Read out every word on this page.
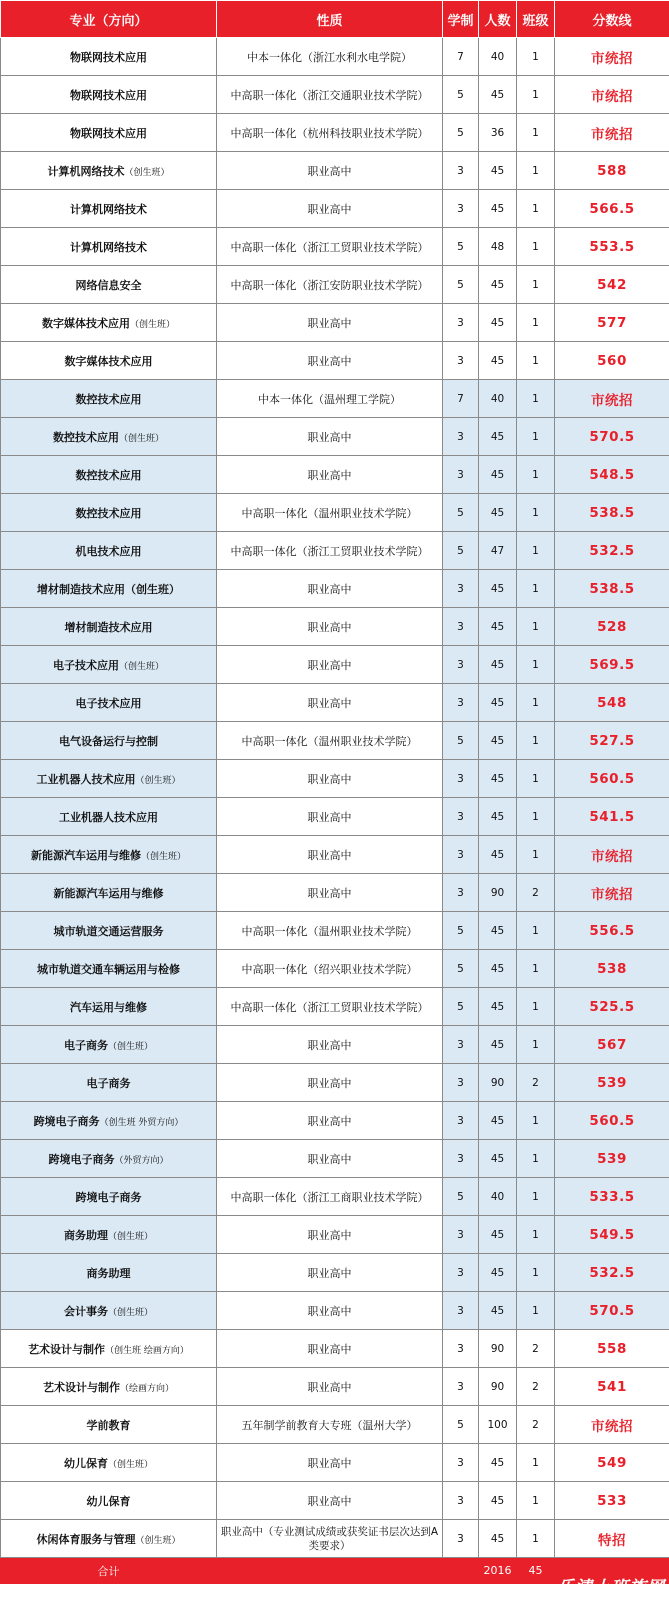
专业（方向）	性质	学制	人数	班级	分数线
物联网技术应用	中本一体化（浙江水利水电学院）	7	40	1	市统招
物联网技术应用	中高职一体化（浙江交通职业技术学院）	5	45	1	市统招
物联网技术应用	中高职一体化（杭州科技职业技术学院）	5	36	1	市统招
计算机网络技术（创生班）	职业高中	3	45	1	588
计算机网络技术	职业高中	3	45	1	566.5
计算机网络技术	中高职一体化（浙江工贸职业技术学院）	5	48	1	553.5
网络信息安全	中高职一体化（浙江安防职业技术学院）	5	45	1	542
数字媒体技术应用（创生班）	职业高中	3	45	1	577
数字媒体技术应用	职业高中	3	45	1	560
数控技术应用	中本一体化（温州理工学院）	7	40	1	市统招
数控技术应用（创生班）	职业高中	3	45	1	570.5
数控技术应用	职业高中	3	45	1	548.5
数控技术应用	中高职一体化（温州职业技术学院）	5	45	1	538.5
机电技术应用	中高职一体化（浙江工贸职业技术学院）	5	47	1	532.5
增材制造技术应用（创生班）	职业高中	3	45	1	538.5
增材制造技术应用	职业高中	3	45	1	528
电子技术应用（创生班）	职业高中	3	45	1	569.5
电子技术应用	职业高中	3	45	1	548
电气设备运行与控制	中高职一体化（温州职业技术学院）	5	45	1	527.5
工业机器人技术应用（创生班）	职业高中	3	45	1	560.5
工业机器人技术应用	职业高中	3	45	1	541.5
新能源汽车运用与维修（创生班）	职业高中	3	45	1	市统招
新能源汽车运用与维修	职业高中	3	90	2	市统招
城市轨道交通运营服务	中高职一体化（温州职业技术学院）	5	45	1	556.5
城市轨道交通车辆运用与检修	中高职一体化（绍兴职业技术学院）	5	45	1	538
汽车运用与维修	中高职一体化（浙江工贸职业技术学院）	5	45	1	525.5
电子商务（创生班）	职业高中	3	45	1	567
电子商务	职业高中	3	90	2	539
跨境电子商务（创生班 外贸方向）	职业高中	3	45	1	560.5
跨境电子商务（外贸方向）	职业高中	3	45	1	539
跨境电子商务	中高职一体化（浙江工商职业技术学院）	5	40	1	533.5
商务助理（创生班）	职业高中	3	45	1	549.5
商务助理	职业高中	3	45	1	532.5
会计事务（创生班）	职业高中	3	45	1	570.5
艺术设计与制作（创生班 绘画方向）	职业高中	3	90	2	558
艺术设计与制作（绘画方向）	职业高中	3	90	2	541
学前教育	五年制学前教育大专班（温州大学）	5	100	2	市统招
幼儿保育（创生班）	职业高中	3	45	1	549
幼儿保育	职业高中	3	45	1	533
休闲体育服务与管理（创生班）	职业高中（专业测试成绩或获奖证书层次达到A类要求）	3	45	1	特招
合计			2016	45	
乐清上班族网
